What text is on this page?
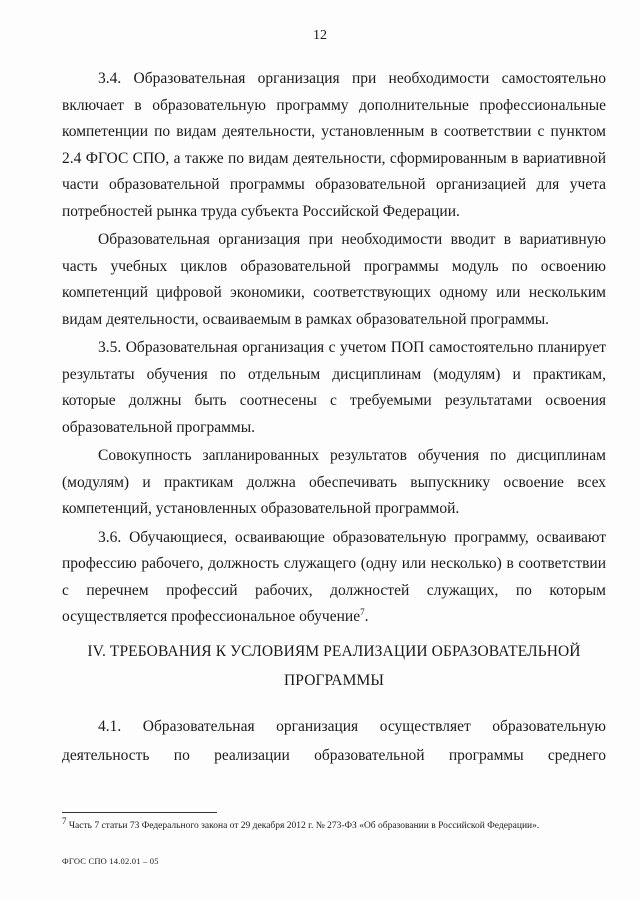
12

3.4. Образовательная организация при необходимости самостоятельно включает в образовательную программу дополнительные профессиональные компетенции по видам деятельности, установленным в соответствии с пунктом 2.4 ФГОС СПО, а также по видам деятельности, сформированным в вариативной части образовательной программы образовательной организацией для учета потребностей рынка труда субъекта Российской Федерации.

Образовательная организация при необходимости вводит в вариативную часть учебных циклов образовательной программы модуль по освоению компетенций цифровой экономики, соответствующих одному или нескольким видам деятельности, осваиваемым в рамках образовательной программы.

3.5. Образовательная организация с учетом ПОП самостоятельно планирует результаты обучения по отдельным дисциплинам (модулям) и практикам, которые должны быть соотнесены с требуемыми результатами освоения образовательной программы.

Совокупность запланированных результатов обучения по дисциплинам (модулям) и практикам должна обеспечивать выпускнику освоение всех компетенций, установленных образовательной программой.

3.6. Обучающиеся, осваивающие образовательную программу, осваивают профессию рабочего, должность служащего (одну или несколько) в соответствии с перечнем профессий рабочих, должностей служащих, по которым осуществляется профессиональное обучение$^7$.

IV. ТРЕБОВАНИЯ К УСЛОВИЯМ РЕАЛИЗАЦИИ ОБРАЗОВАТЕЛЬНОЙ
ПРОГРАММЫ

4.1. Образовательная организация осуществляет образовательную деятельность по реализации образовательной программы среднего

$^7$ Часть 7 статьи 73 Федерального закона от 29 декабря 2012 г. № 273-ФЗ «Об образовании в Российской Федерации».
ФГОС СПО 14.02.01 – 05
